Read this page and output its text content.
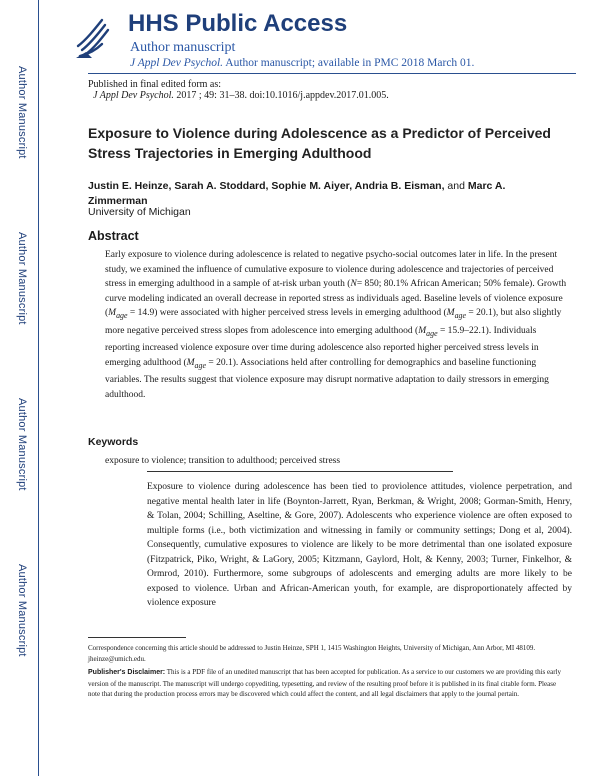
Author Manuscript
Author Manuscript
Author Manuscript
Author Manuscript
HHS Public Access
Author manuscript
J Appl Dev Psychol. Author manuscript; available in PMC 2018 March 01.
Published in final edited form as:
J Appl Dev Psychol. 2017 ; 49: 31–38. doi:10.1016/j.appdev.2017.01.005.
Exposure to Violence during Adolescence as a Predictor of Perceived Stress Trajectories in Emerging Adulthood
Justin E. Heinze, Sarah A. Stoddard, Sophie M. Aiyer, Andria B. Eisman, and Marc A. Zimmerman
University of Michigan
Abstract
Early exposure to violence during adolescence is related to negative psycho-social outcomes later in life. In the present study, we examined the influence of cumulative exposure to violence during adolescence and trajectories of perceived stress in emerging adulthood in a sample of at-risk urban youth (N= 850; 80.1% African American; 50% female). Growth curve modeling indicated an overall decrease in reported stress as individuals aged. Baseline levels of violence exposure $(M_{age} = 14.9)$ were associated with higher perceived stress levels in emerging adulthood $(M_{age} = 20.1)$, but also slightly more negative perceived stress slopes from adolescence into emerging adulthood $(M_{age} = 15.9-22.1)$. Individuals reporting increased violence exposure over time during adolescence also reported higher perceived stress levels in emerging adulthood $(M_{age} = 20.1)$. Associations held after controlling for demographics and baseline functioning variables. The results suggest that violence exposure may disrupt normative adaptation to daily stressors in emerging adulthood.
Keywords
exposure to violence; transition to adulthood; perceived stress
Exposure to violence during adolescence has been tied to proviolence attitudes, violence perpetration, and negative mental health later in life (Boynton-Jarrett, Ryan, Berkman, & Wright, 2008; Gorman-Smith, Henry, & Tolan, 2004; Schilling, Aseltine, & Gore, 2007). Adolescents who experience violence are often exposed to multiple forms (i.e., both victimization and witnessing in family or community settings; Dong et al, 2004). Consequently, cumulative exposures to violence are likely to be more detrimental than one isolated exposure (Fitzpatrick, Piko, Wright, & LaGory, 2005; Kitzmann, Gaylord, Holt, & Kenny, 2003; Turner, Finkelhor, & Ormrod, 2010). Furthermore, some subgroups of adolescents and emerging adults are more likely to be exposed to violence. Urban and African-American youth, for example, are disproportionately affected by violence exposure
Correspondence concerning this article should be addressed to Justin Heinze, SPH 1, 1415 Washington Heights, University of Michigan, Ann Arbor, MI 48109. jheinze@umich.edu.
Publisher's Disclaimer: This is a PDF file of an unedited manuscript that has been accepted for publication. As a service to our customers we are providing this early version of the manuscript. The manuscript will undergo copyediting, typesetting, and review of the resulting proof before it is published in its final citable form. Please note that during the production process errors may be discovered which could affect the content, and all legal disclaimers that apply to the journal pertain.
